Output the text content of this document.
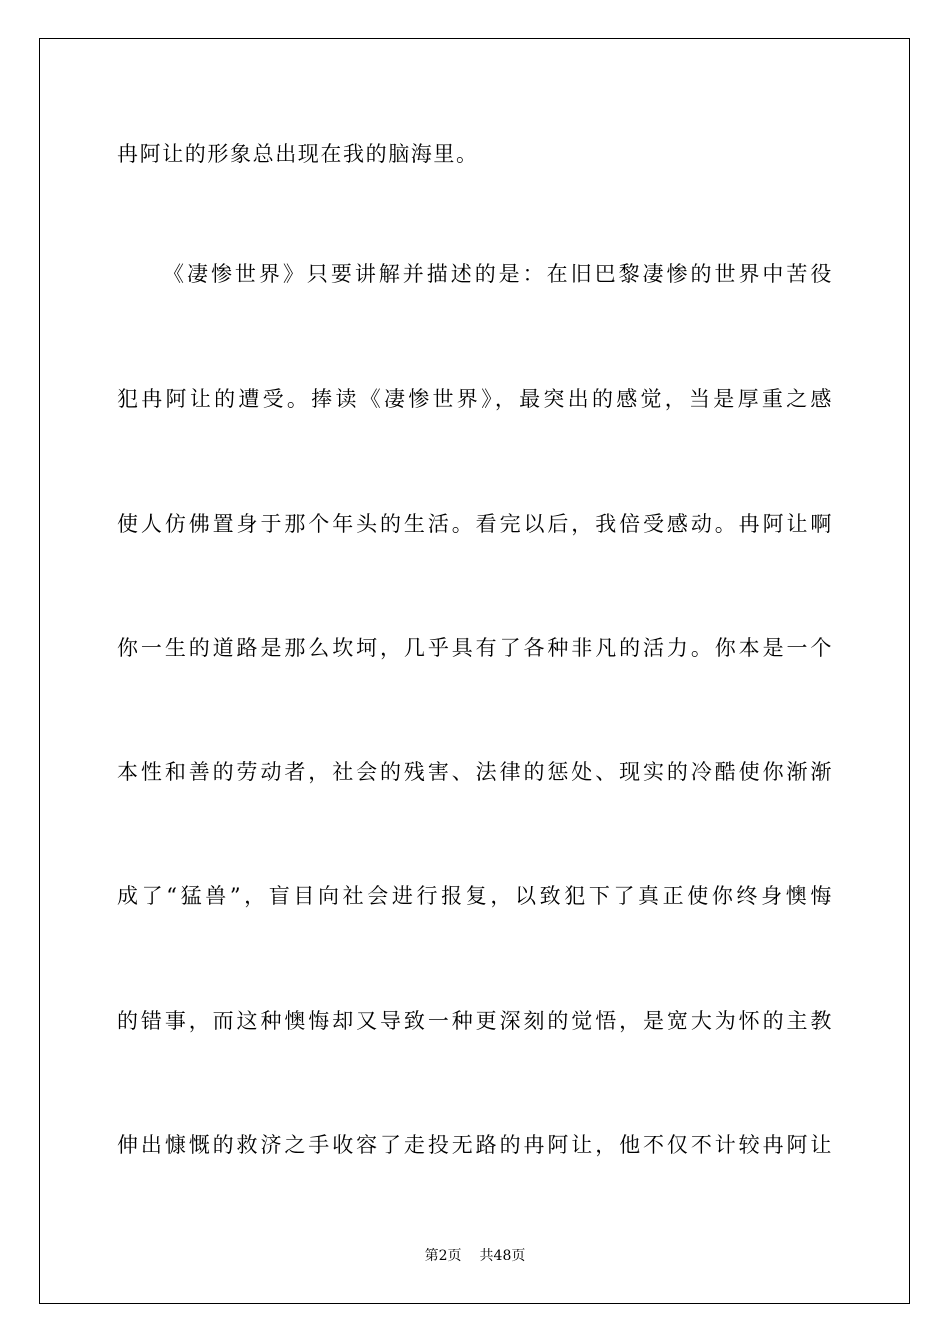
冉阿让的形象总出现在我的脑海里。
《凄惨世界》只要讲解并描述的是：在旧巴黎凄惨的世界中苦役
犯冉阿让的遭受。捧读《凄惨世界》，最突出的感觉，当是厚重之感
使人仿佛置身于那个年头的生活。看完以后，我倍受感动。冉阿让啊
你一生的道路是那么坎坷，几乎具有了各种非凡的活力。你本是一个
本性和善的劳动者，社会的残害、法律的惩处、现实的冷酷使你渐渐
成了“猛兽”，盲目向社会进行报复，以致犯下了真正使你终身懊悔
的错事，而这种懊悔却又导致一种更深刻的觉悟，是宽大为怀的主教
伸出慷慨的救济之手收容了走投无路的冉阿让，他不仅不计较冉阿让
第2页 共48页
